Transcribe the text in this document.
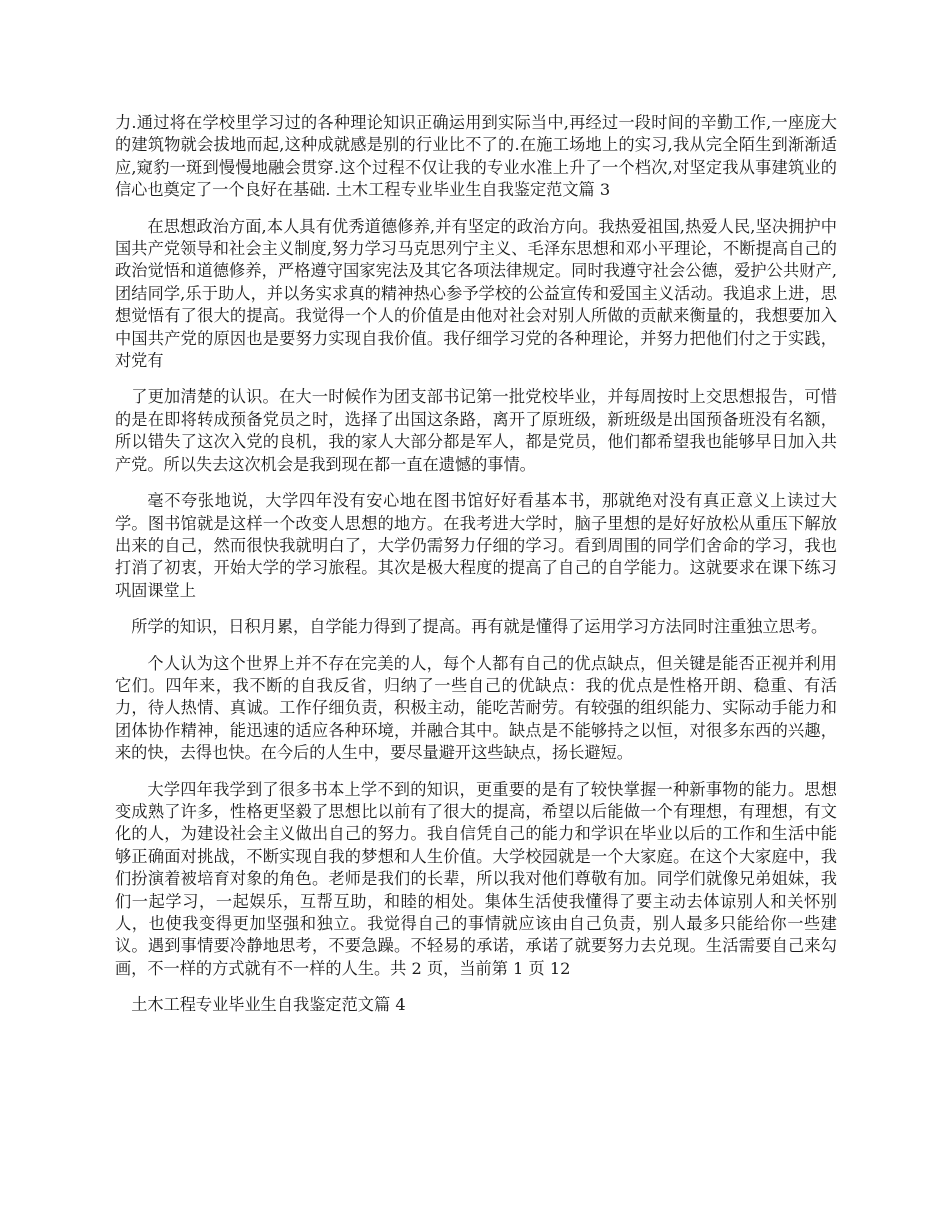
力.通过将在学校里学习过的各种理论知识正确运用到实际当中,再经过一段时间的辛勤工作,一座庞大的建筑物就会拔地而起,这种成就感是别的行业比不了的.在施工场地上的实习,我从完全陌生到渐渐适应,窥豹一斑到慢慢地融会贯穿.这个过程不仅让我的专业水准上升了一个档次,对坚定我从事建筑业的信心也奠定了一个良好在基础. 土木工程专业毕业生自我鉴定范文篇 3

在思想政治方面,本人具有优秀道德修养,并有坚定的政治方向。我热爱祖国,热爱人民,坚决拥护中国共产党领导和社会主义制度,努力学习马克思列宁主义、毛泽东思想和邓小平理论，不断提高自己的政治觉悟和道德修养，严格遵守国家宪法及其它各项法律规定。同时我遵守社会公德，爱护公共财产,团结同学,乐于助人，并以务实求真的精神热心参予学校的公益宣传和爱国主义活动。我追求上进，思想觉悟有了很大的提高。我觉得一个人的价值是由他对社会对别人所做的贡献来衡量的，我想要加入中国共产党的原因也是要努力实现自我价值。我仔细学习党的各种理论，并努力把他们付之于实践，对党有

了更加清楚的认识。在大一时候作为团支部书记第一批党校毕业，并每周按时上交思想报告，可惜的是在即将转成预备党员之时，选择了出国这条路，离开了原班级，新班级是出国预备班没有名额，所以错失了这次入党的良机，我的家人大部分都是军人，都是党员，他们都希望我也能够早日加入共产党。所以失去这次机会是我到现在都一直在遗憾的事情。

毫不夸张地说，大学四年没有安心地在图书馆好好看基本书，那就绝对没有真正意义上读过大学。图书馆就是这样一个改变人思想的地方。在我考进大学时，脑子里想的是好好放松从重压下解放出来的自己，然而很快我就明白了，大学仍需努力仔细的学习。看到周围的同学们舍命的学习，我也打消了初衷，开始大学的学习旅程。其次是极大程度的提高了自己的自学能力。这就要求在课下练习巩固课堂上

所学的知识，日积月累，自学能力得到了提高。再有就是懂得了运用学习方法同时注重独立思考。

个人认为这个世界上并不存在完美的人，每个人都有自己的优点缺点，但关键是能否正视并利用它们。四年来，我不断的自我反省，归纳了一些自己的优缺点：我的优点是性格开朗、稳重、有活力，待人热情、真诚。工作仔细负责，积极主动，能吃苦耐劳。有较强的组织能力、实际动手能力和团体协作精神，能迅速的适应各种环境，并融合其中。缺点是不能够持之以恒，对很多东西的兴趣，来的快，去得也快。在今后的人生中，要尽量避开这些缺点，扬长避短。

大学四年我学到了很多书本上学不到的知识，更重要的是有了较快掌握一种新事物的能力。思想变成熟了许多，性格更坚毅了思想比以前有了很大的提高，希望以后能做一个有理想，有理想，有文化的人，为建设社会主义做出自己的努力。我自信凭自己的能力和学识在毕业以后的工作和生活中能够正确面对挑战，不断实现自我的梦想和人生价值。大学校园就是一个大家庭。在这个大家庭中，我们扮演着被培育对象的角色。老师是我们的长辈，所以我对他们尊敬有加。同学们就像兄弟姐妹，我们一起学习，一起娱乐，互帮互助，和睦的相处。集体生活使我懂得了要主动去体谅别人和关怀别人，也使我变得更加坚强和独立。我觉得自己的事情就应该由自己负责，别人最多只能给你一些建议。遇到事情要冷静地思考，不要急躁。不轻易的承诺，承诺了就要努力去兑现。生活需要自己来勾画，不一样的方式就有不一样的人生。共 2 页，当前第 1 页 12

土木工程专业毕业生自我鉴定范文篇 4
